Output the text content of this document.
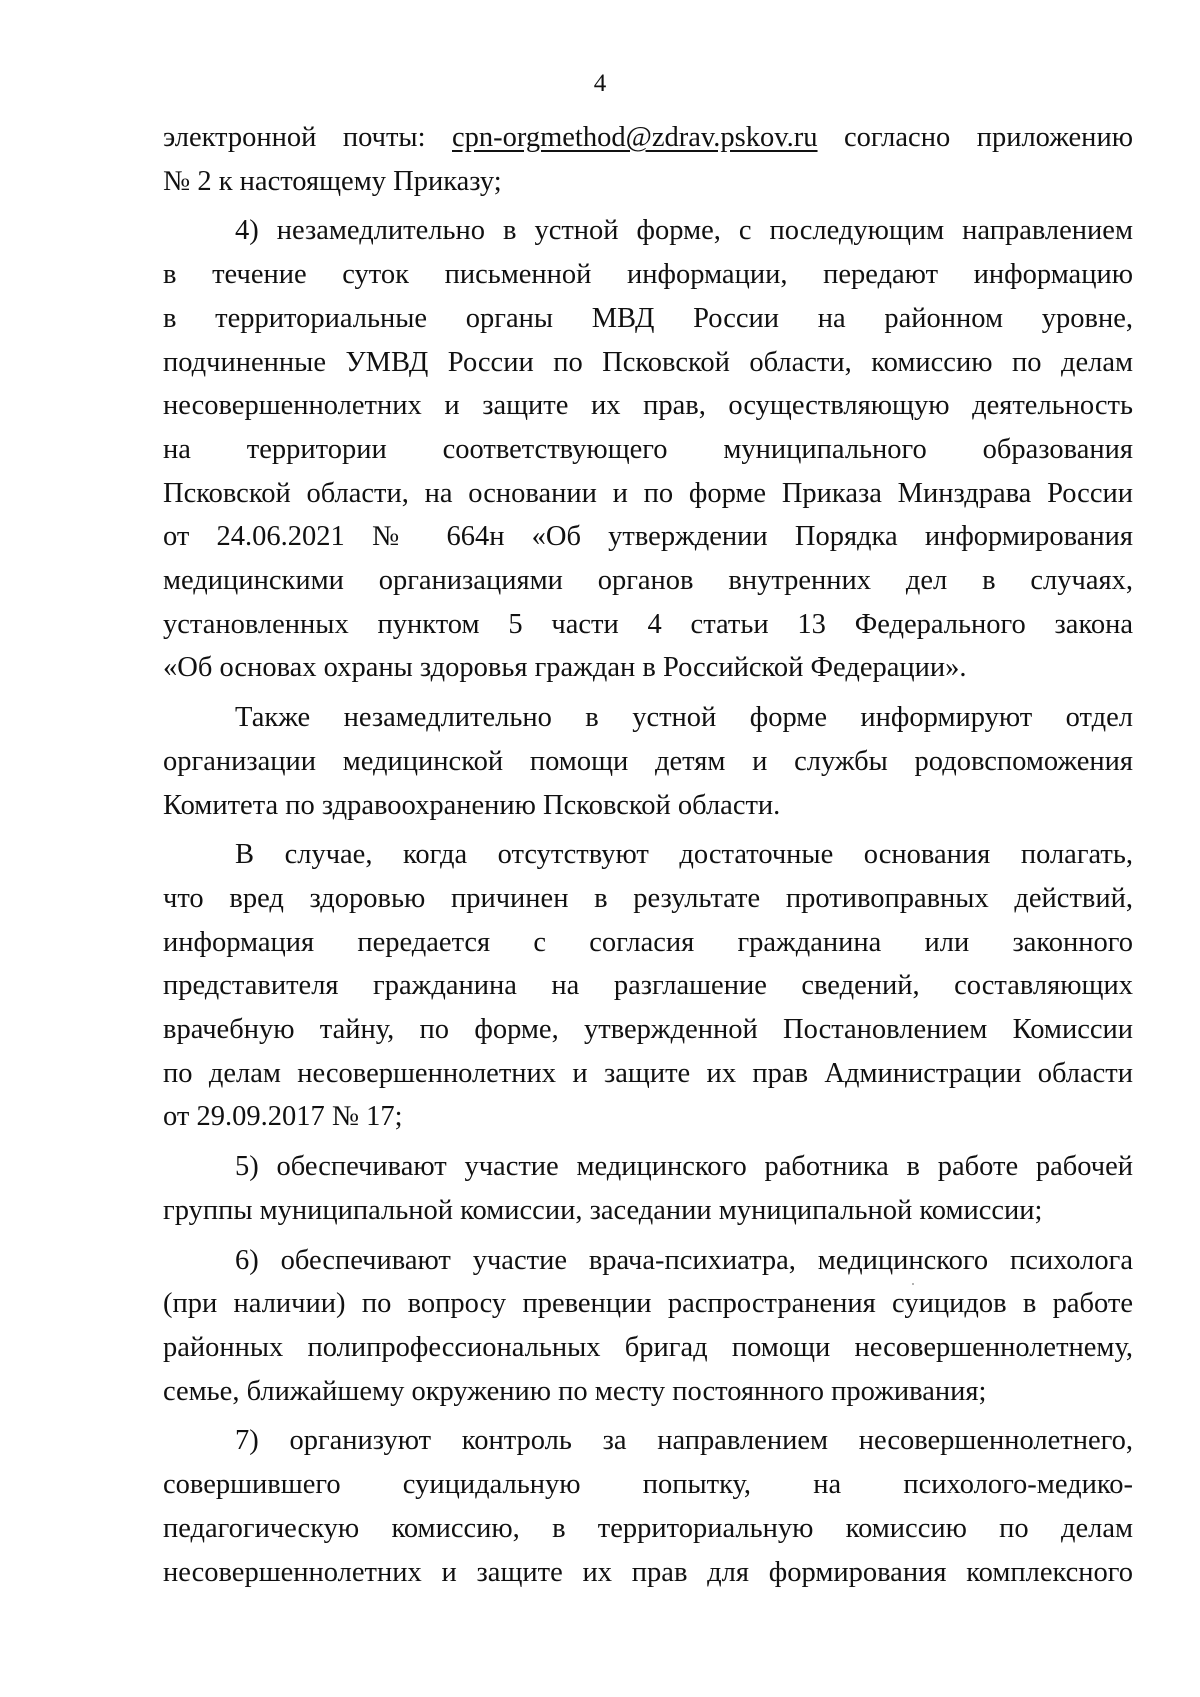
4

электронной почты: cpn-orgmethod@zdrav.pskov.ru согласно приложению
№ 2 к настоящему Приказу;

4) незамедлительно в устной форме, с последующим направлением
в течение суток письменной информации, передают информацию
в территориальные органы МВД России на районном уровне,
подчиненные УМВД России по Псковской области, комиссию по делам
несовершеннолетних и защите их прав, осуществляющую деятельность
на территории соответствующего муниципального образования
Псковской области, на основании и по форме Приказа Минздрава России
от 24.06.2021 № 664н «Об утверждении Порядка информирования
медицинскими организациями органов внутренних дел в случаях,
установленных пунктом 5 части 4 статьи 13 Федерального закона
«Об основах охраны здоровья граждан в Российской Федерации».

Также незамедлительно в устной форме информируют отдел
организации медицинской помощи детям и службы родовспоможения
Комитета по здравоохранению Псковской области.

В случае, когда отсутствуют достаточные основания полагать,
что вред здоровью причинен в результате противоправных действий,
информация передается с согласия гражданина или законного
представителя гражданина на разглашение сведений, составляющих
врачебную тайну, по форме, утвержденной Постановлением Комиссии
по делам несовершеннолетних и защите их прав Администрации области
от 29.09.2017 № 17;

5) обеспечивают участие медицинского работника в работе рабочей
группы муниципальной комиссии, заседании муниципальной комиссии;

6) обеспечивают участие врача-психиатра, медицинского психолога
(при наличии) по вопросу превенции распространения суицидов в работе
районных полипрофессиональных бригад помощи несовершеннолетнему,
семье, ближайшему окружению по месту постоянного проживания;

7) организуют контроль за направлением несовершеннолетнего,
совершившего суицидальную попытку, на психолого-медико-
педагогическую комиссию, в территориальную комиссию по делам
несовершеннолетних и защите их прав для формирования комплексного
